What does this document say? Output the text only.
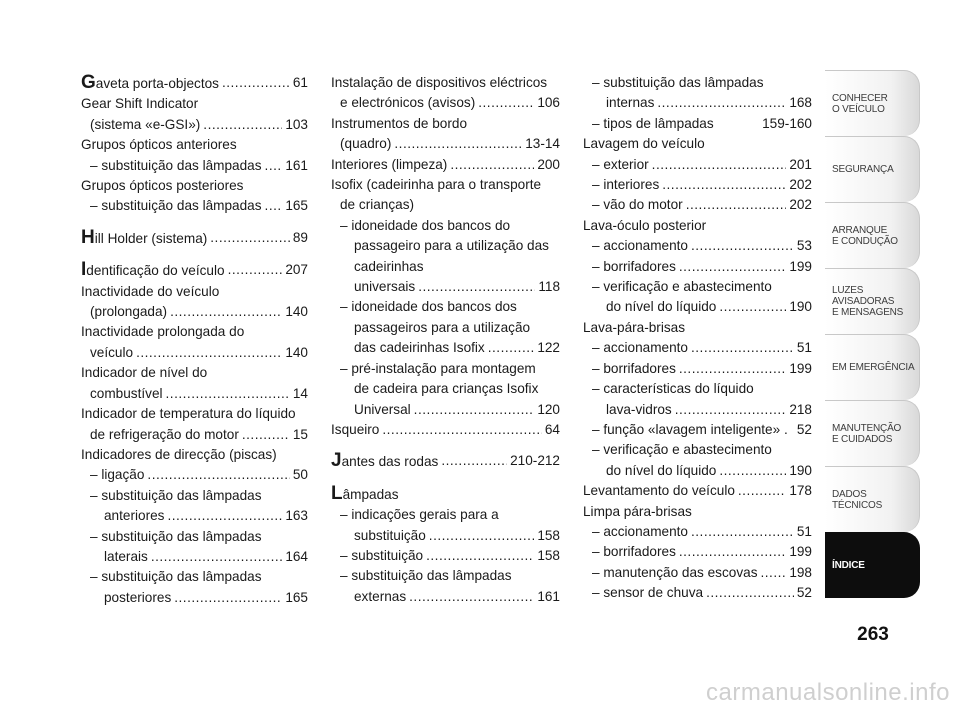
Gaveta porta-objectos .....	61
Gear Shift Indicator
(sistema «e-GSI») .....	103
Grupos ópticos anteriores
– substituição das lâmpadas ..... 161
Grupos ópticos posteriores
– substituição das lâmpadas ..... 165
Hill Holder (sistema) .....	89
Identificação do veículo .....	207
Inactividade do veículo
(prolongada) .....	140
Inactividade prolongada do
veículo .....	140
Indicador de nível do
combustível .....	14
Indicador de temperatura do líquido
de refrigeração do motor .....	15
Indicadores de direcção (piscas)
– ligação .....	50
– substituição das lâmpadas
anteriores .....	163
– substituição das lâmpadas
laterais .....	164
– substituição das lâmpadas
posteriores .....	165
Instalação de dispositivos eléctricos
e electrónicos (avisos) .....	106
Instrumentos de bordo
(quadro) .....	13-14
Interiores (limpeza) .....	200
Isofix (cadeirinha para o transporte
de crianças)
– idoneidade dos bancos do
passageiro para a utilização das
cadeirinhas
universais .....	118
– idoneidade dos bancos dos
passageiros para a utilização
das cadeirinhas Isofix .....	122
– pré-instalação para montagem
de cadeira para crianças Isofix
Universal .....	120
Isqueiro .....	64
Jantes das rodas .....	210-212
Lâmpadas
– indicações gerais para a
substituição .....	158
– substituição .....	158
– substituição das lâmpadas
externas .....	161
– substituição das lâmpadas
internas .....	168
– tipos de lâmpadas	159-160
Lavagem do veículo
– exterior .....	201
– interiores .....	202
– vão do motor .....	202
Lava-óculo posterior
– accionamento .....	53
– borrifadores .....	199
– verificação e abastecimento
do nível do líquido .....	190
Lava-pára-brisas
– accionamento .....	51
– borrifadores .....	199
– características do líquido
lava-vidros .....	218
– função «lavagem inteligente» . 52
– verificação e abastecimento
do nível do líquido .....	190
Levantamento do veículo .....	178
Limpa pára-brisas
– accionamento .....	51
– borrifadores .....	199
– manutenção das escovas ..... 198
– sensor de chuva .....	52
CONHECER
O VEÍCULO
SEGURANÇA
ARRANQUE
E CONDUÇÃO
LUZES
AVISADORAS
E MENSAGENS
EM EMERGÊNCIA
MANUTENÇÃO
E CUIDADOS
DADOS
TÉCNICOS
ÍNDICE
263
carmanualsonline.info
